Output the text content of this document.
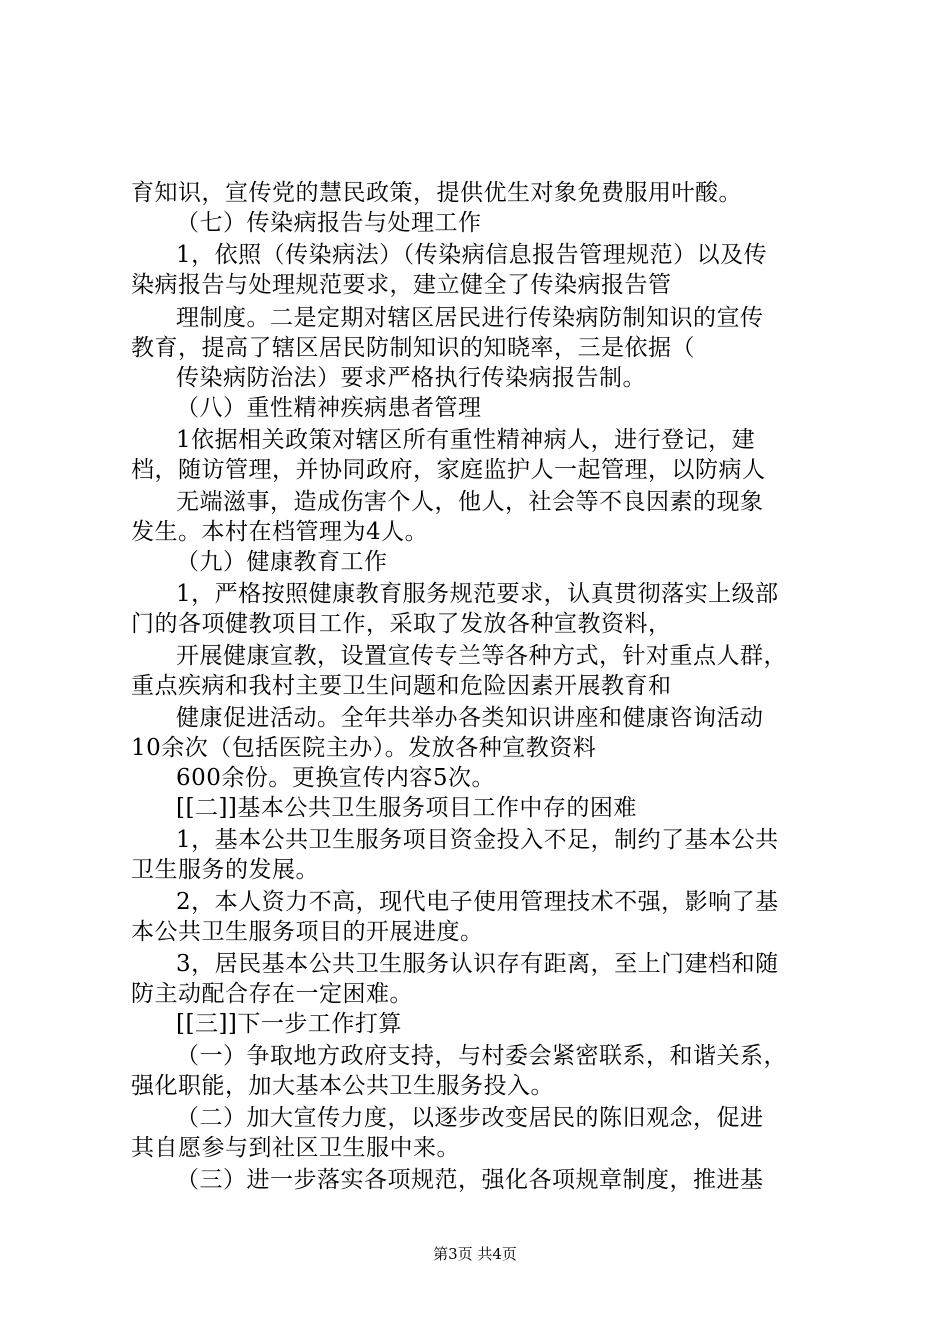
育知识，宣传党的慧民政策，提供优生对象免费服用叶酸。
（七）传染病报告与处理工作
1，依照（传染病法）（传染病信息报告管理规范）以及传
染病报告与处理规范要求，建立健全了传染病报告管
理制度。二是定期对辖区居民进行传染病防制知识的宣传
教育，提高了辖区居民防制知识的知晓率，三是依据（
传染病防治法）要求严格执行传染病报告制。
（八）重性精神疾病患者管理
1依据相关政策对辖区所有重性精神病人，进行登记，建
档，随访管理，并协同政府，家庭监护人一起管理，以防病人
无端滋事，造成伤害个人，他人，社会等不良因素的现象
发生。本村在档管理为4人。
（九）健康教育工作
1，严格按照健康教育服务规范要求，认真贯彻落实上级部
门的各项健教项目工作，采取了发放各种宣教资料，
开展健康宣教，设置宣传专兰等各种方式，针对重点人群，
重点疾病和我村主要卫生问题和危险因素开展教育和
健康促进活动。全年共举办各类知识讲座和健康咨询活动
10余次（包括医院主办）。发放各种宣教资料
600余份。更换宣传内容5次。
[[二]]基本公共卫生服务项目工作中存的困难
1，基本公共卫生服务项目资金投入不足，制约了基本公共
卫生服务的发展。
2，本人资力不高，现代电子使用管理技术不强，影响了基
本公共卫生服务项目的开展进度。
3，居民基本公共卫生服务认识存有距离，至上门建档和随
防主动配合存在一定困难。
[[三]]下一步工作打算
（一）争取地方政府支持，与村委会紧密联系，和谐关系，
强化职能，加大基本公共卫生服务投入。
（二）加大宣传力度，以逐步改变居民的陈旧观念，促进
其自愿参与到社区卫生服中来。
（三）进一步落实各项规范，强化各项规章制度，推进基
第3页 共4页
